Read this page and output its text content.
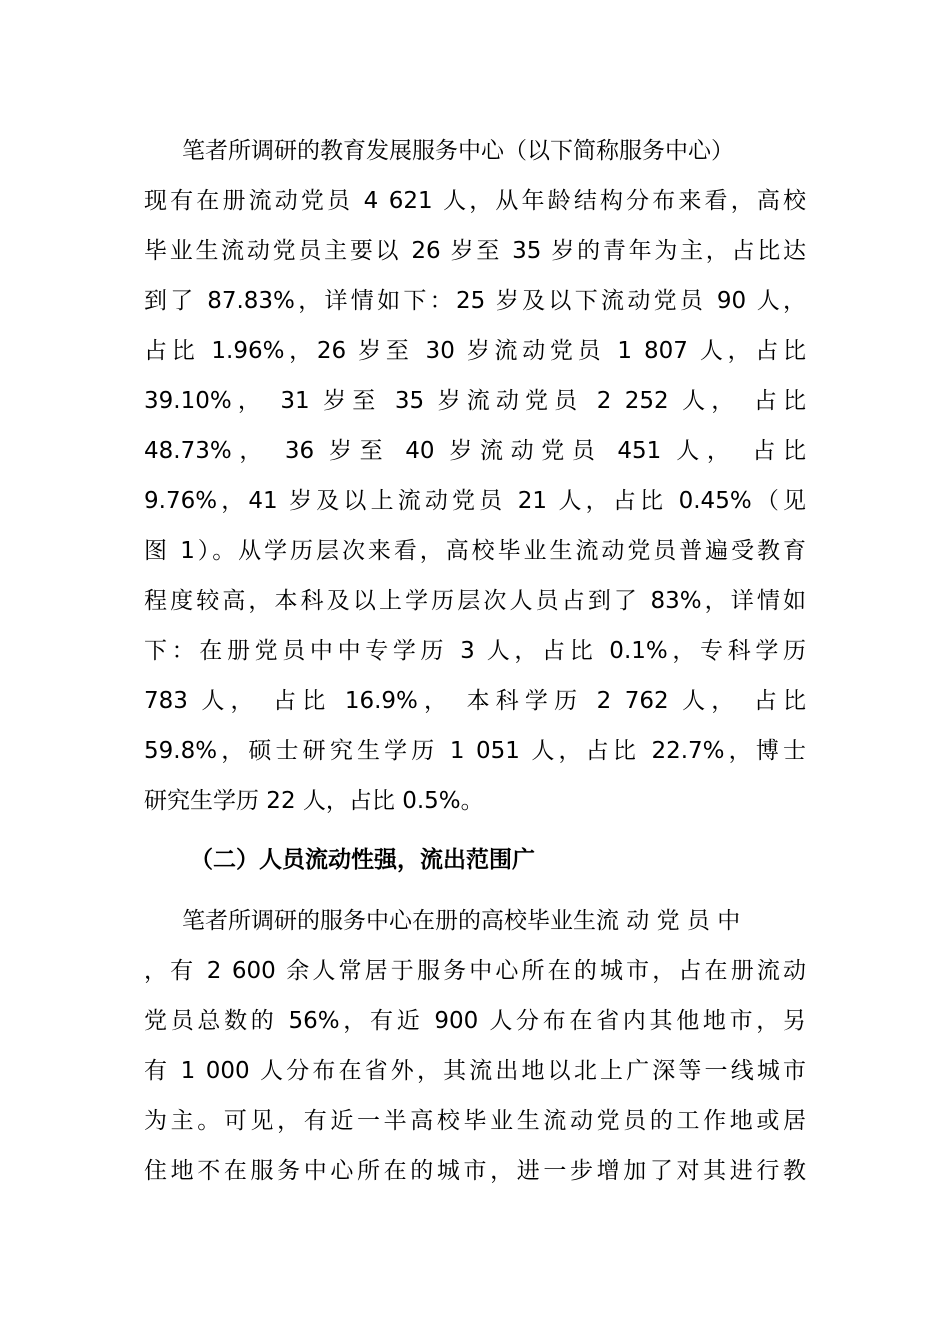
笔者所调研的教育发展服务中心（以下简称服务中心）
现有在册流动党员 4 621 人，从年龄结构分布来看，高校
毕业生流动党员主要以 26 岁至 35 岁的青年为主，占比达
到了 87.83%，详情如下：25 岁及以下流动党员 90 人，
占比 1.96%，26 岁至 30 岁流动党员 1 807 人，占比
39.10%， 31 岁至 35 岁流动党员 2 252 人， 占比
48.73%， 36 岁至 40 岁流动党员 451 人， 占比
9.76%，41 岁及以上流动党员 21 人，占比 0.45%（见
图 1）。从学历层次来看，高校毕业生流动党员普遍受教育
程度较高，本科及以上学历层次人员占到了 83%，详情如
下：在册党员中中专学历 3 人，占比 0.1%，专科学历
783 人， 占比 16.9%， 本科学历 2 762 人， 占比
59.8%，硕士研究生学历 1 051 人，占比 22.7%，博士
研究生学历 22 人，占比 0.5%。
（二）人员流动性强，流出范围广
笔者所调研的服务中心在册的高校毕业生流 动 党 员 中
，有 2 600 余人常居于服务中心所在的城市，占在册流动
党员总数的 56%，有近 900 人分布在省内其他地市，另
有 1 000 人分布在省外，其流出地以北上广深等一线城市
为主。可见，有近一半高校毕业生流动党员的工作地或居
住地不在服务中心所在的城市，进一步增加了对其进行教
